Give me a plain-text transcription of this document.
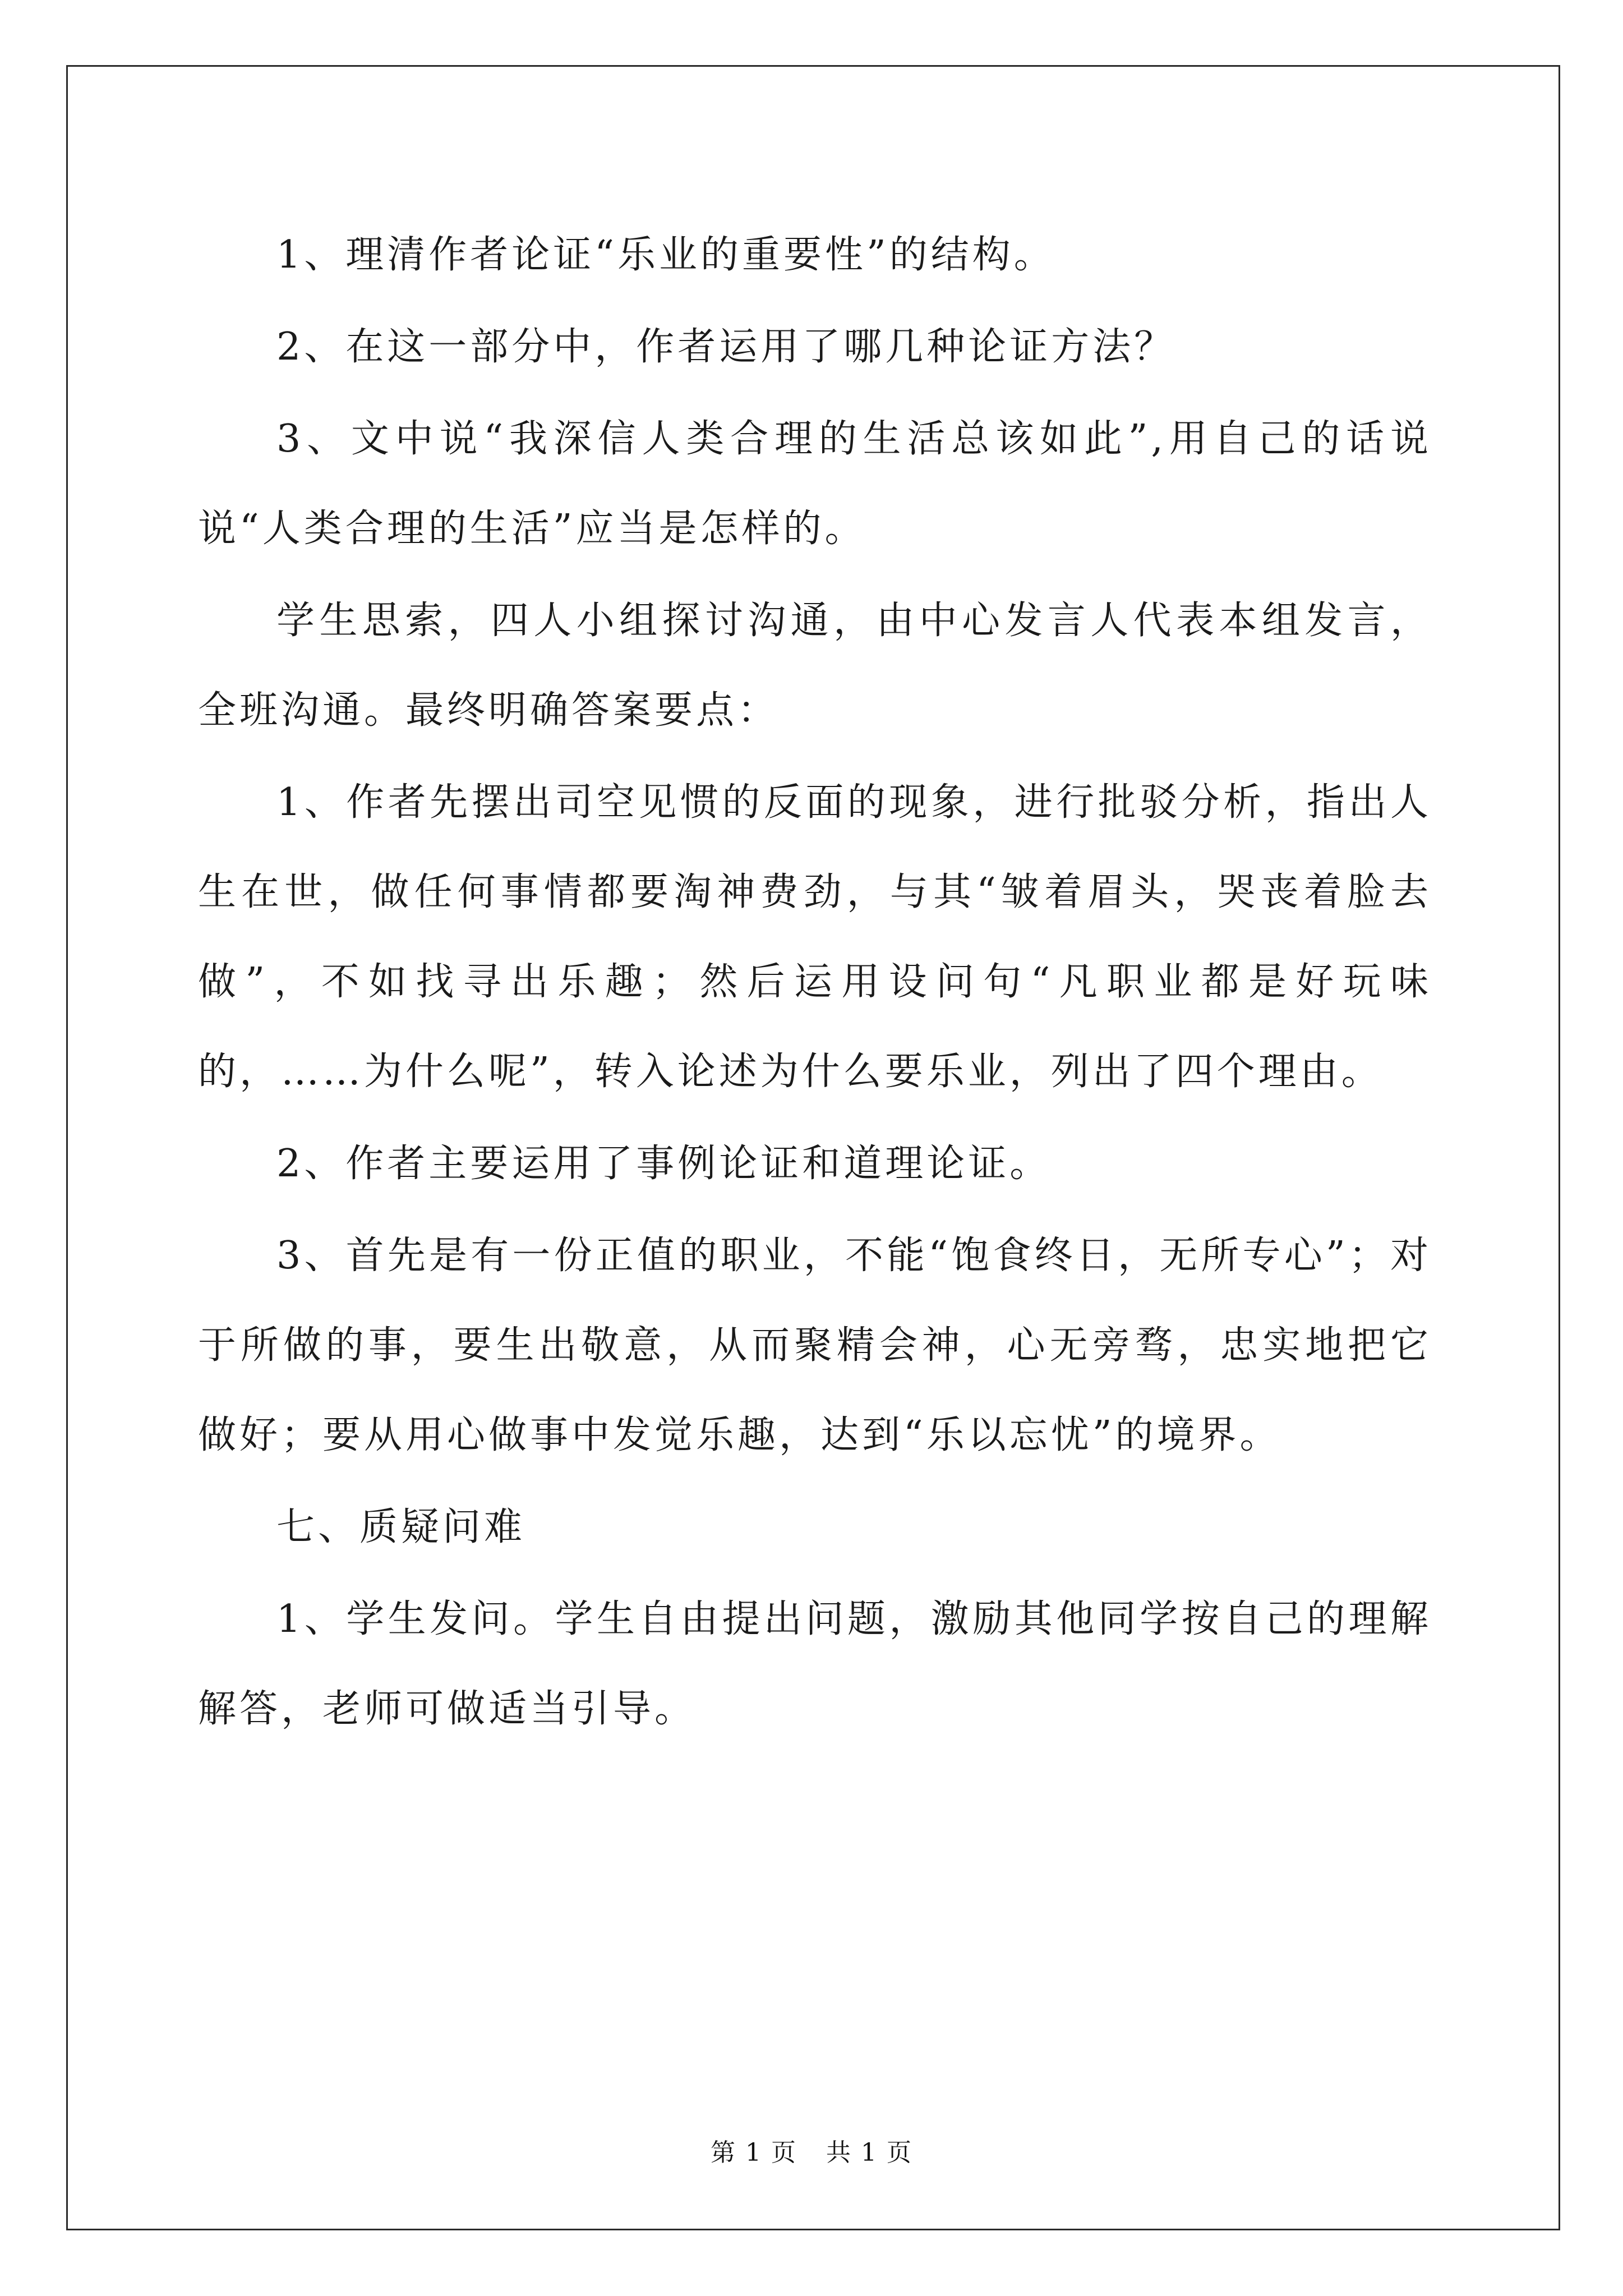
1、理清作者论证“乐业的重要性”的结构。

2、在这一部分中，作者运用了哪几种论证方法？

3、文中说“我深信人类合理的生活总该如此”,用自己的话说说“人类合理的生活”应当是怎样的。

学生思索，四人小组探讨沟通，由中心发言人代表本组发言，全班沟通。最终明确答案要点：

1、作者先摆出司空见惯的反面的现象，进行批驳分析，指出人生在世，做任何事情都要淘神费劲，与其“皱着眉头，哭丧着脸去做”，不如找寻出乐趣；然后运用设问句“凡职业都是好玩味的，……为什么呢”，转入论述为什么要乐业，列出了四个理由。

2、作者主要运用了事例论证和道理论证。

3、首先是有一份正值的职业，不能“饱食终日，无所专心”；对于所做的事，要生出敬意，从而聚精会神，心无旁骛，忠实地把它做好；要从用心做事中发觉乐趣，达到“乐以忘忧”的境界。

七、质疑问难

1、学生发问。学生自由提出问题，激励其他同学按自己的理解解答，老师可做适当引导。

第 1 页 共 1 页
